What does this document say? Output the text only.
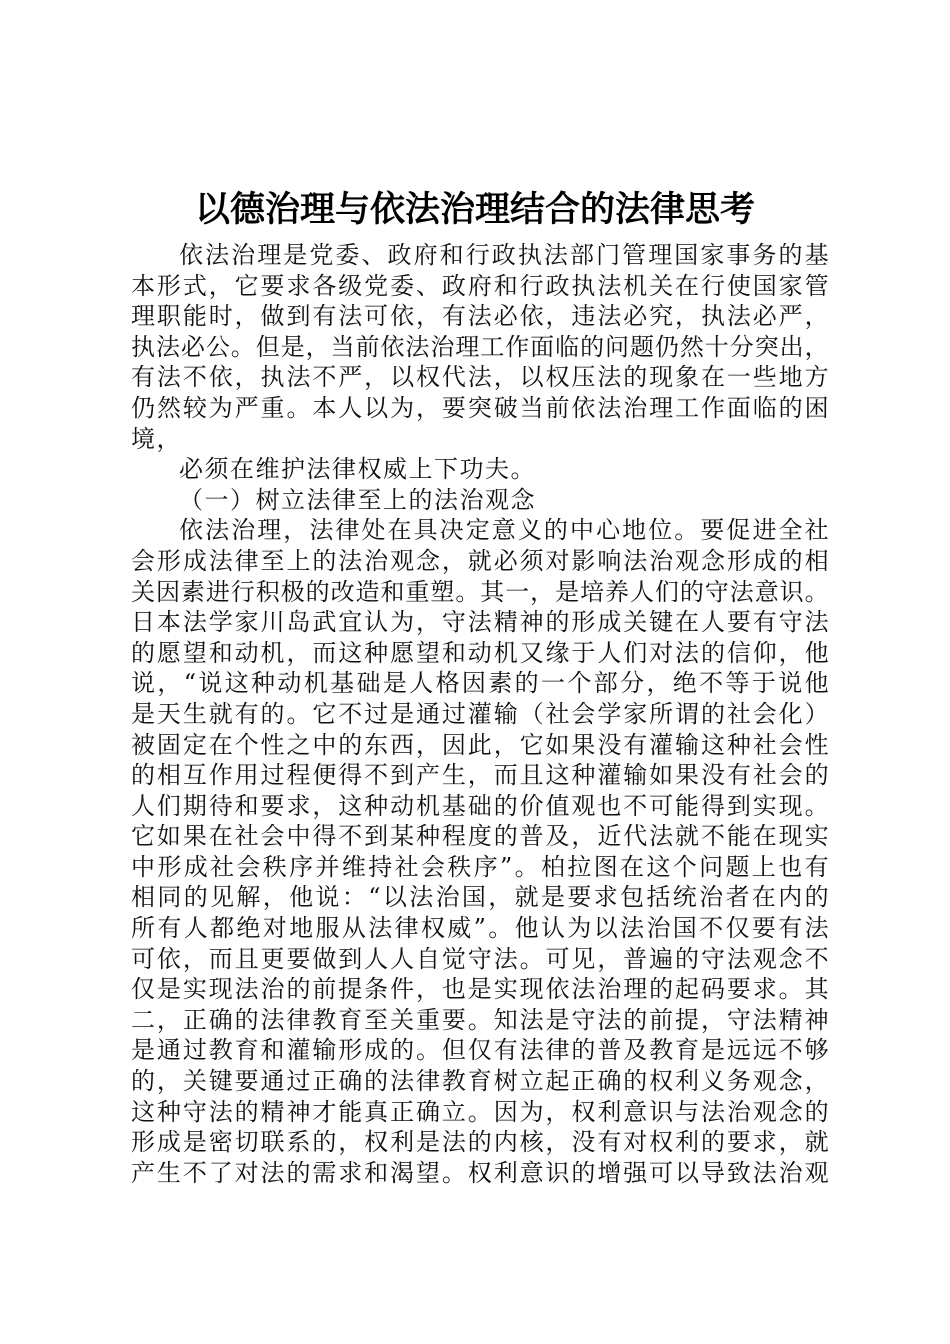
以德治理与依法治理结合的法律思考
依法治理是党委、政府和行政执法部门管理国家事务的基
本形式，它要求各级党委、政府和行政执法机关在行使国家管
理职能时，做到有法可依，有法必依，违法必究，执法必严，
执法必公。但是，当前依法治理工作面临的问题仍然十分突出，
有法不依，执法不严，以权代法，以权压法的现象在一些地方
仍然较为严重。本人以为，要突破当前依法治理工作面临的困
境，
必须在维护法律权威上下功夫。
（一）树立法律至上的法治观念
依法治理，法律处在具决定意义的中心地位。要促进全社
会形成法律至上的法治观念，就必须对影响法治观念形成的相
关因素进行积极的改造和重塑。其一，是培养人们的守法意识。
日本法学家川岛武宜认为，守法精神的形成关键在人要有守法
的愿望和动机，而这种愿望和动机又缘于人们对法的信仰，他
说，“说这种动机基础是人格因素的一个部分，绝不等于说他
是天生就有的。它不过是通过灌输（社会学家所谓的社会化）
被固定在个性之中的东西，因此，它如果没有灌输这种社会性
的相互作用过程便得不到产生，而且这种灌输如果没有社会的
人们期待和要求，这种动机基础的价值观也不可能得到实现。
它如果在社会中得不到某种程度的普及，近代法就不能在现实
中形成社会秩序并维持社会秩序”。柏拉图在这个问题上也有
相同的见解，他说：“以法治国，就是要求包括统治者在内的
所有人都绝对地服从法律权威”。他认为以法治国不仅要有法
可依，而且更要做到人人自觉守法。可见，普遍的守法观念不
仅是实现法治的前提条件，也是实现依法治理的起码要求。其
二，正确的法律教育至关重要。知法是守法的前提，守法精神
是通过教育和灌输形成的。但仅有法律的普及教育是远远不够
的，关键要通过正确的法律教育树立起正确的权利义务观念，
这种守法的精神才能真正确立。因为，权利意识与法治观念的
形成是密切联系的，权利是法的内核，没有对权利的要求，就
产生不了对法的需求和渴望。权利意识的增强可以导致法治观
